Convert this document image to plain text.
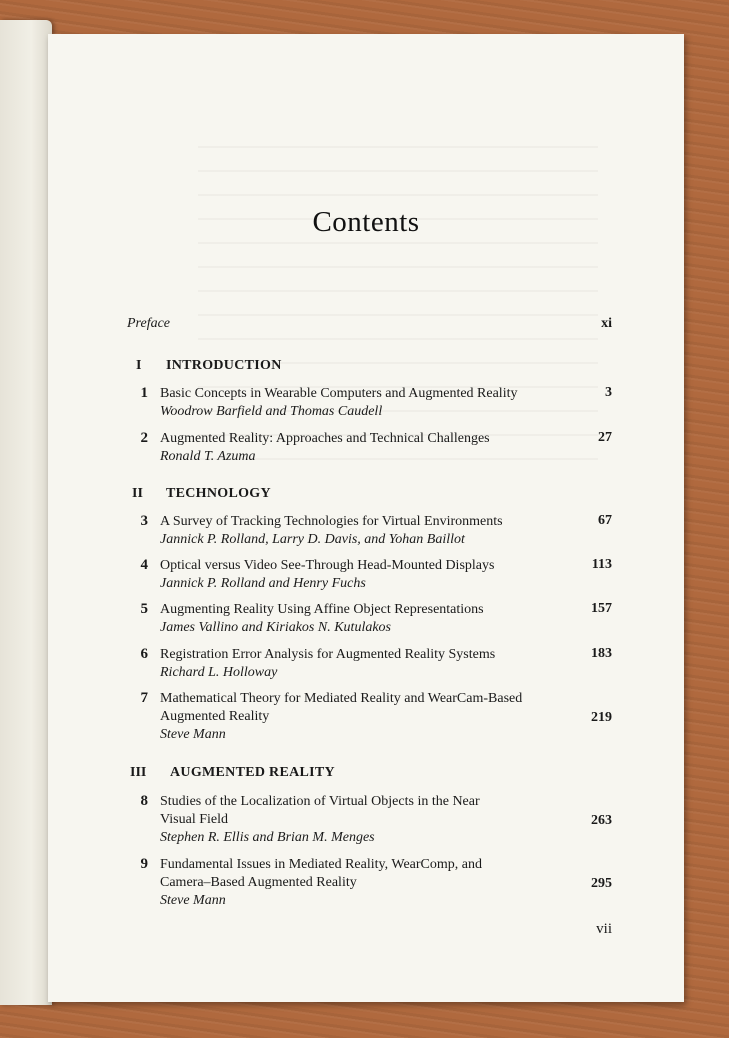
Contents
Preface	xi
I INTRODUCTION
1 Basic Concepts in Wearable Computers and Augmented Reality
Woodrow Barfield and Thomas Caudell
3
2 Augmented Reality: Approaches and Technical Challenges
Ronald T. Azuma
27
II TECHNOLOGY
3 A Survey of Tracking Technologies for Virtual Environments
Jannick P. Rolland, Larry D. Davis, and Yohan Baillot
67
4 Optical versus Video See-Through Head-Mounted Displays
Jannick P. Rolland and Henry Fuchs
113
5 Augmenting Reality Using Affine Object Representations
James Vallino and Kiriakos N. Kutulakos
157
6 Registration Error Analysis for Augmented Reality Systems
Richard L. Holloway
183
7 Mathematical Theory for Mediated Reality and WearCam-Based
Augmented Reality
Steve Mann
219
III AUGMENTED REALITY
8 Studies of the Localization of Virtual Objects in the Near
Visual Field
Stephen R. Ellis and Brian M. Menges
263
9 Fundamental Issues in Mediated Reality, WearComp, and
Camera–Based Augmented Reality
Steve Mann
295
vii
